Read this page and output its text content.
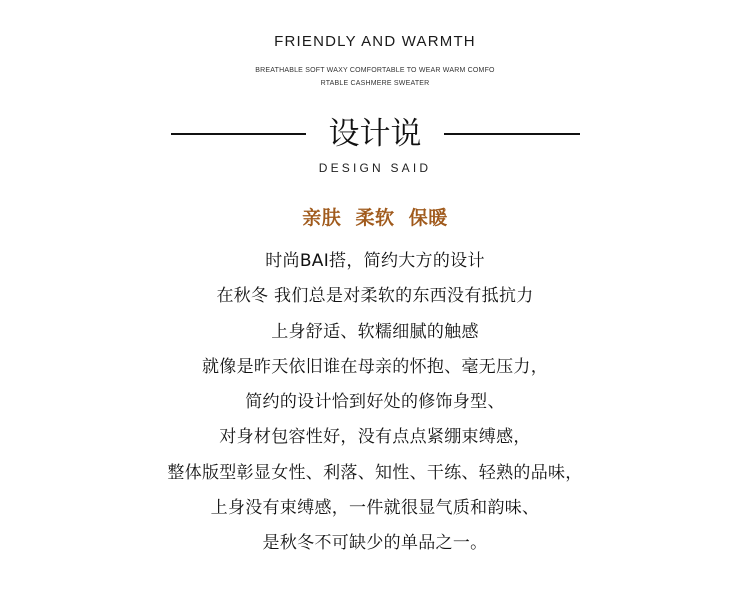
FRIENDLY AND WARMTH
BREATHABLE SOFT WAXY COMFORTABLE TO WEAR WARM COMFO
RTABLE CASHMERE SWEATER
设计说
DESIGN SAID
亲肤  柔软  保暖
时尚BAI搭，简约大方的设计
在秋冬 我们总是对柔软的东西没有抵抗力
上身舒适、软糯细腻的触感
就像是昨天依旧谁在母亲的怀抱、毫无压力，
简约的设计恰到好处的修饰身型、
对身材包容性好，没有点点紧绷束缚感，
整体版型彰显女性、利落、知性、干练、轻熟的品味，
上身没有束缚感，一件就很显气质和韵味、
是秋冬不可缺少的单品之一。
